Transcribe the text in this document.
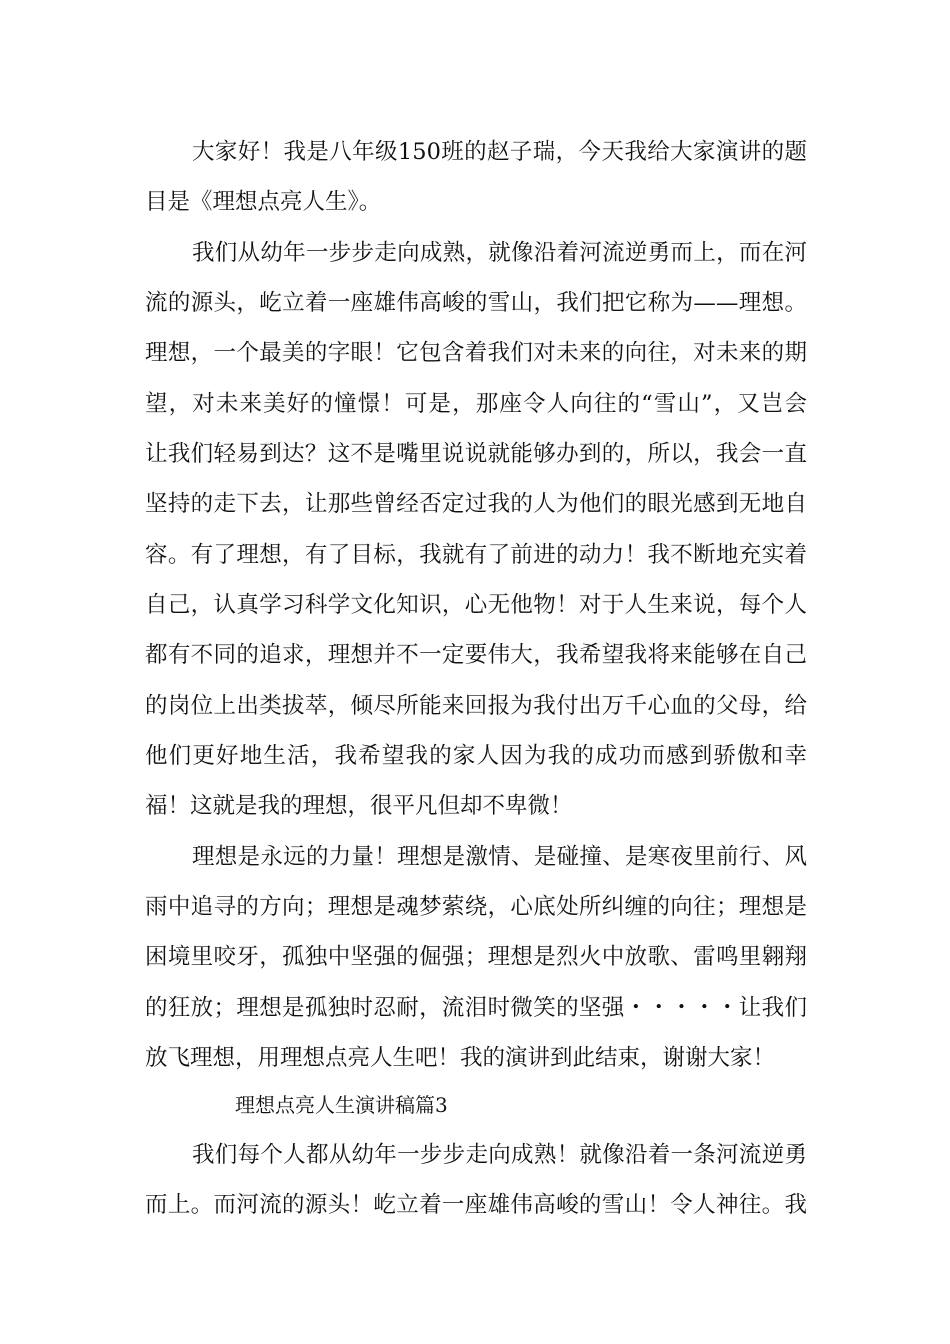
大家好！我是八年级150班的赵子瑞，今天我给大家演讲的题
目是《理想点亮人生》。
我们从幼年一步步走向成熟，就像沿着河流逆勇而上，而在河
流的源头，屹立着一座雄伟高峻的雪山，我们把它称为——理想。
理想，一个最美的字眼！它包含着我们对未来的向往，对未来的期
望，对未来美好的憧憬！可是，那座令人向往的“雪山”，又岂会
让我们轻易到达？这不是嘴里说说就能够办到的，所以，我会一直
坚持的走下去，让那些曾经否定过我的人为他们的眼光感到无地自
容。有了理想，有了目标，我就有了前进的动力！我不断地充实着
自己，认真学习科学文化知识，心无他物！对于人生来说，每个人
都有不同的追求，理想并不一定要伟大，我希望我将来能够在自己
的岗位上出类拔萃，倾尽所能来回报为我付出万千心血的父母，给
他们更好地生活，我希望我的家人因为我的成功而感到骄傲和幸
福！这就是我的理想，很平凡但却不卑微！
理想是永远的力量！理想是激情、是碰撞、是寒夜里前行、风
雨中追寻的方向；理想是魂梦萦绕，心底处所纠缠的向往；理想是
困境里咬牙，孤独中坚强的倔强；理想是烈火中放歌、雷鸣里翱翔
的狂放；理想是孤独时忍耐，流泪时微笑的坚强・・・・・让我们
放飞理想，用理想点亮人生吧！我的演讲到此结束，谢谢大家！
理想点亮人生演讲稿篇3
我们每个人都从幼年一步步走向成熟！就像沿着一条河流逆勇
而上。而河流的源头！屹立着一座雄伟高峻的雪山！令人神往。我
